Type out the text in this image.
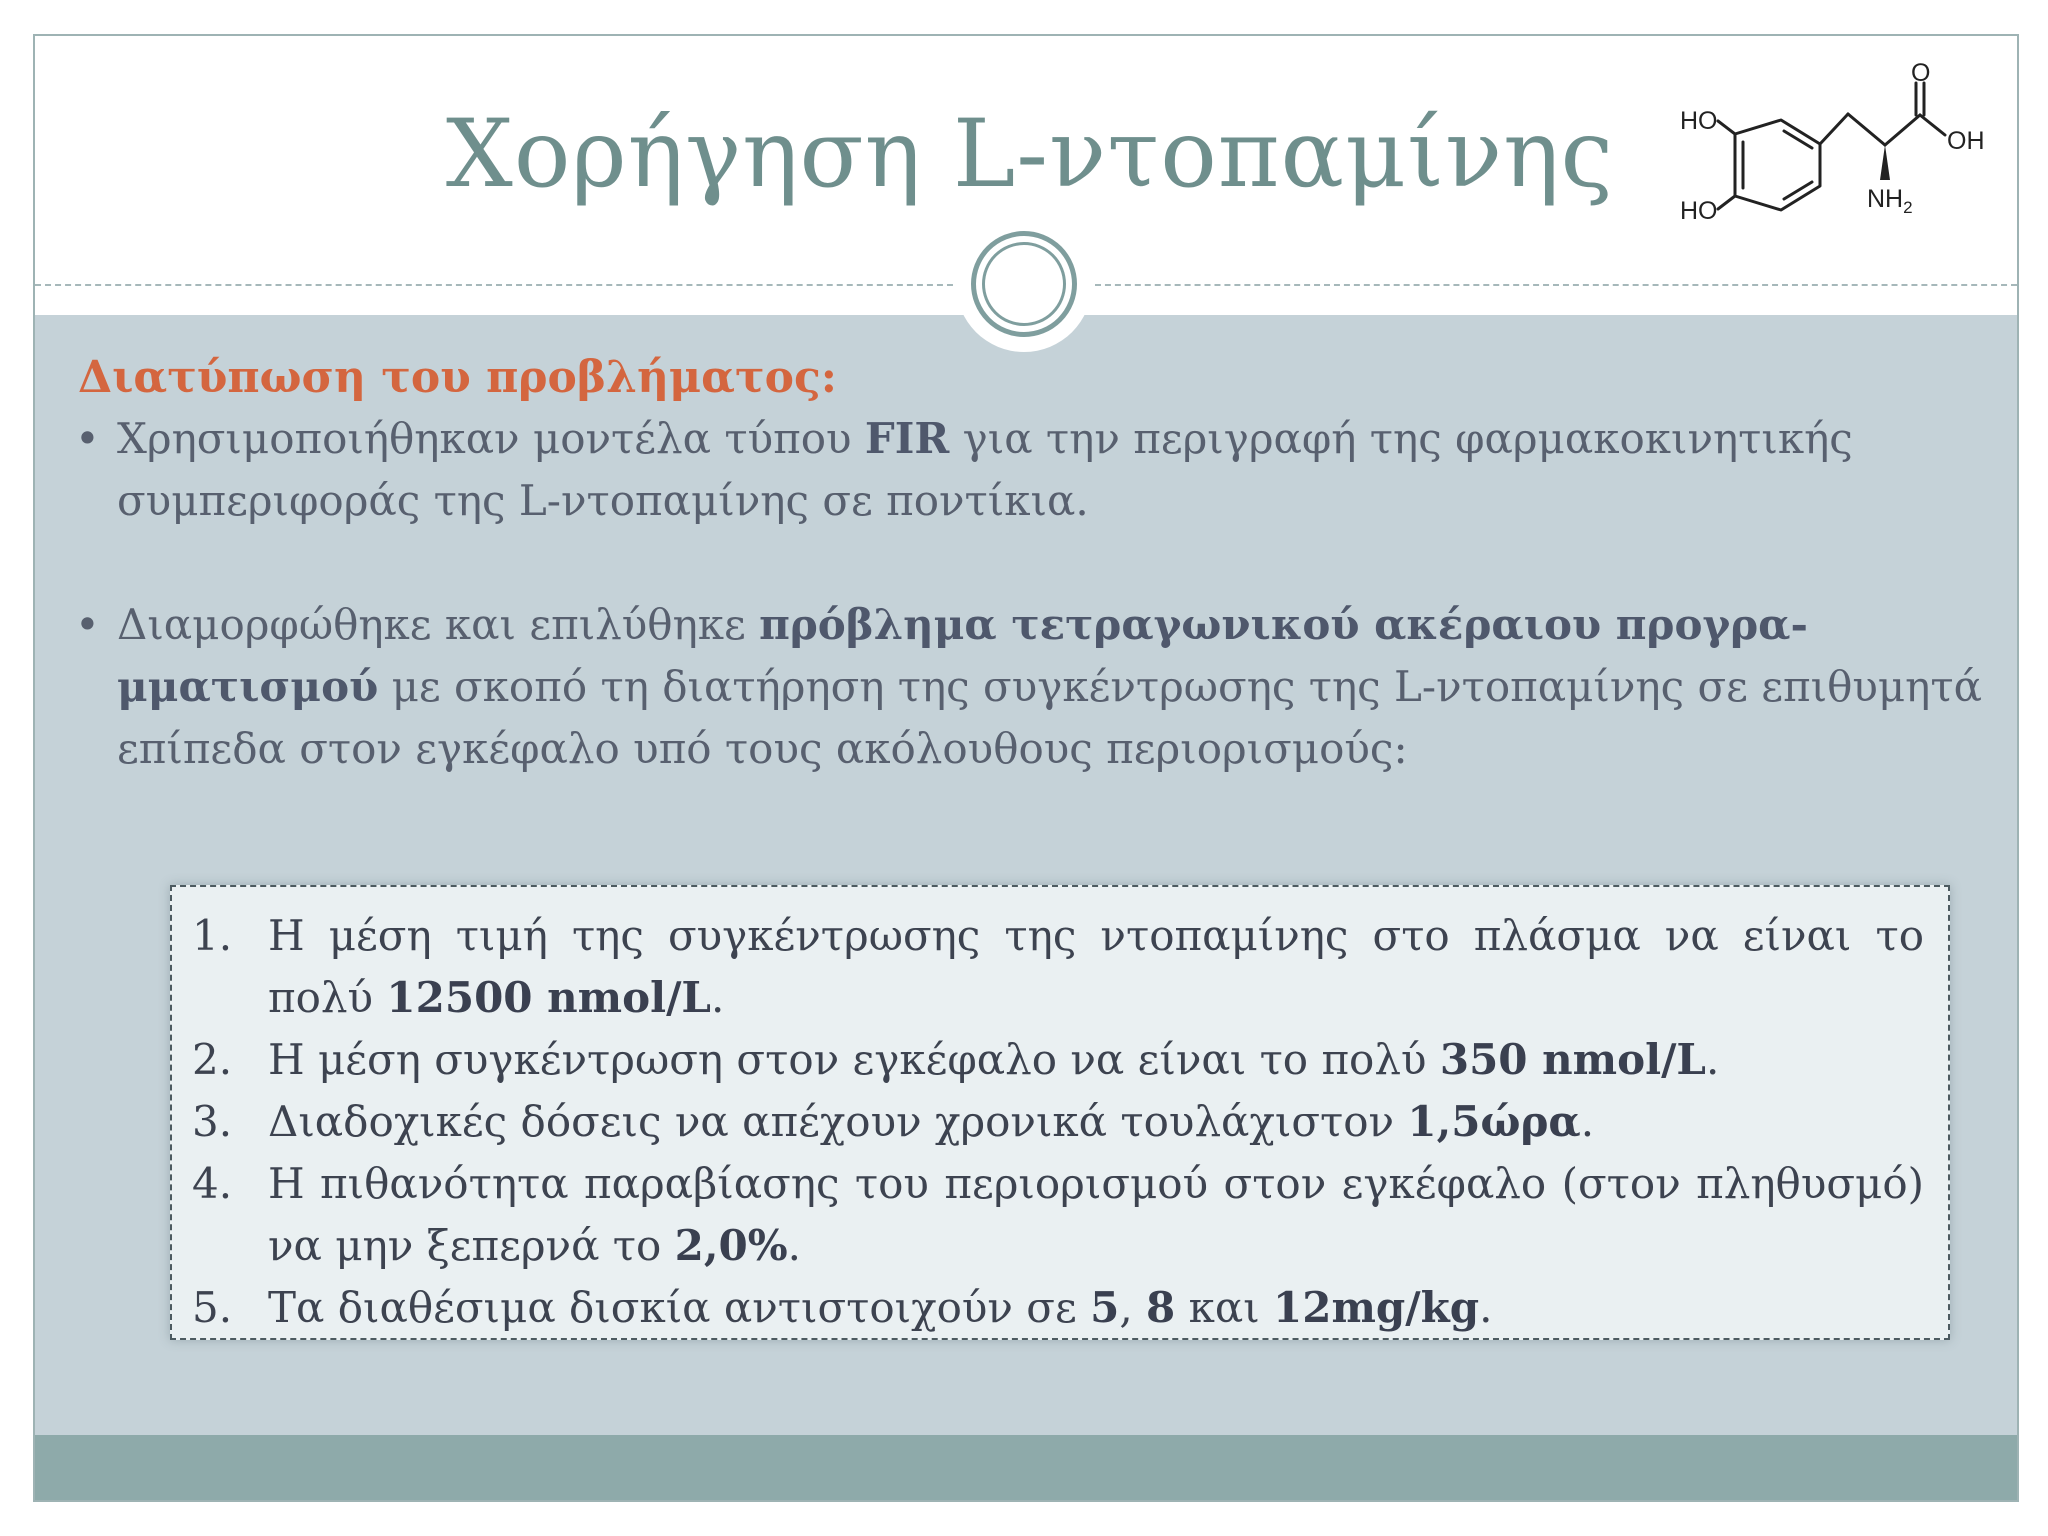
Χορήγηση L-ντοπαμίνης	HO
HO
O
OH
$NH_2$
Διατύπωση του προβλήματος:
• Χρησιμοποιήθηκαν μοντέλα τύπου FIR για την περιγραφή της φαρμακοκινητικής συμπεριφοράς της L-ντοπαμίνης σε ποντίκια.
• Διαμορφώθηκε και επιλύθηκε πρόβλημα τετραγωνικού ακέραιου προγρα-μματισμού με σκοπό τη διατήρηση της συγκέντρωσης της L-ντοπαμίνης σε επιθυμητά επίπεδα στον εγκέφαλο υπό τους ακόλουθους περιορισμούς:
1. Η μέση τιμή της συγκέντρωσης της ντοπαμίνης στο πλάσμα να είναι το πολύ 12500 nmol/L.
2. Η μέση συγκέντρωση στον εγκέφαλο να είναι το πολύ 350 nmol/L.
3. Διαδοχικές δόσεις να απέχουν χρονικά τουλάχιστον 1,5ώρα.
4. Η πιθανότητα παραβίασης του περιορισμού στον εγκέφαλο (στον πληθυσμό) να μην ξεπερνά το 2,0%.
5. Τα διαθέσιμα δισκία αντιστοιχούν σε 5, 8 και 12mg/kg.
